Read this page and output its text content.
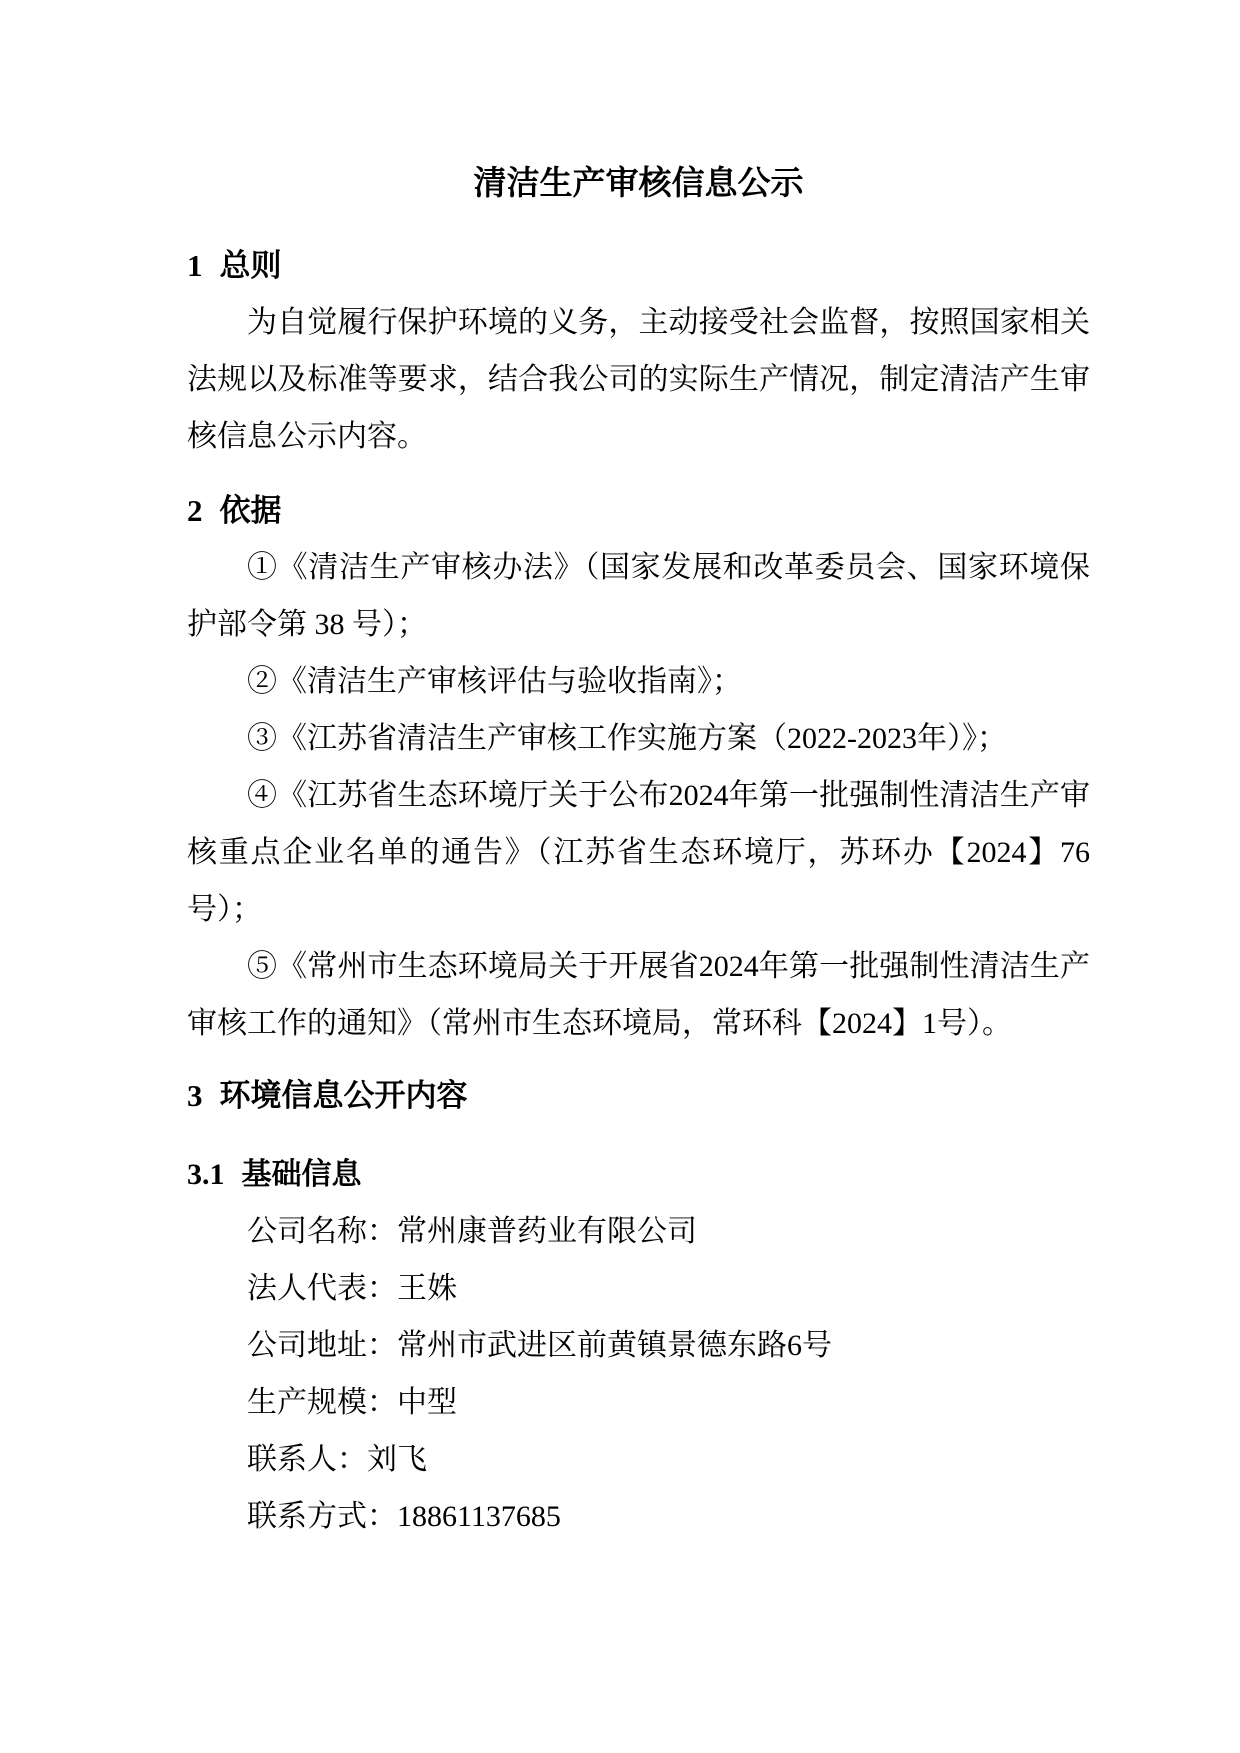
清洁生产审核信息公示
1 总则

为自觉履行保护环境的义务，主动接受社会监督，按照国家相关法规以及标准等要求，结合我公司的实际生产情况，制定清洁产生审核信息公示内容。

2 依据

①《清洁生产审核办法》（国家发展和改革委员会、国家环境保护部令第 38 号）；

②《清洁生产审核评估与验收指南》；

③《江苏省清洁生产审核工作实施方案（2022-2023年）》；

④《江苏省生态环境厅关于公布2024年第一批强制性清洁生产审核重点企业名单的通告》（江苏省生态环境厅，苏环办【2024】76 号）；

⑤《常州市生态环境局关于开展省2024年第一批强制性清洁生产审核工作的通知》（常州市生态环境局，常环科【2024】1号）。

3 环境信息公开内容
3.1 基础信息

公司名称：常州康普药业有限公司

法人代表：王姝

公司地址：常州市武进区前黄镇景德东路6号

生产规模：中型

联系人：刘飞

联系方式：18861137685
